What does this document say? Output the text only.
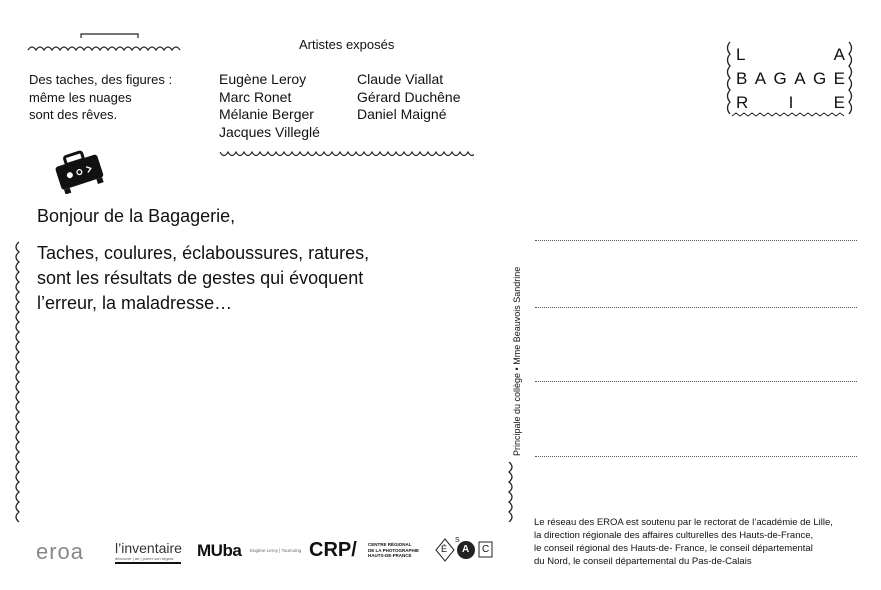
Artistes exposés
Des taches, des figures :
même les nuages
sont des rêves.
Eugène Leroy
Marc Ronet
Mélanie Berger
Jacques Villeglé
Claude Viallat
Gérard Duchêne
Daniel Maigné
L	A
B A G A G E
R I E
Bonjour de la Bagagerie,
Taches, coulures, éclaboussures, ratures,
sont les résultats de gestes qui évoquent
l’erreur, la maladresse…	Principale du collège • Mme Beauvois Sandrine
Le réseau des EROA est soutenu par le rectorat de l’académie de Lille,
la direction régionale des affaires culturelles des Hauts-de-France,
le conseil régional des Hauts-de- France, le conseil départemental
du Nord, le conseil départemental du Pas-de-Calais
eroa l’inventaire
découvrir | art | porter son regard	MUba Eugène Leroy | Tourcoing CRP/ CENTRE RÉGIONAL
DE LA PHOTOGRAPHIE
HAUTS-DE-FRANCE
É
S
A C
